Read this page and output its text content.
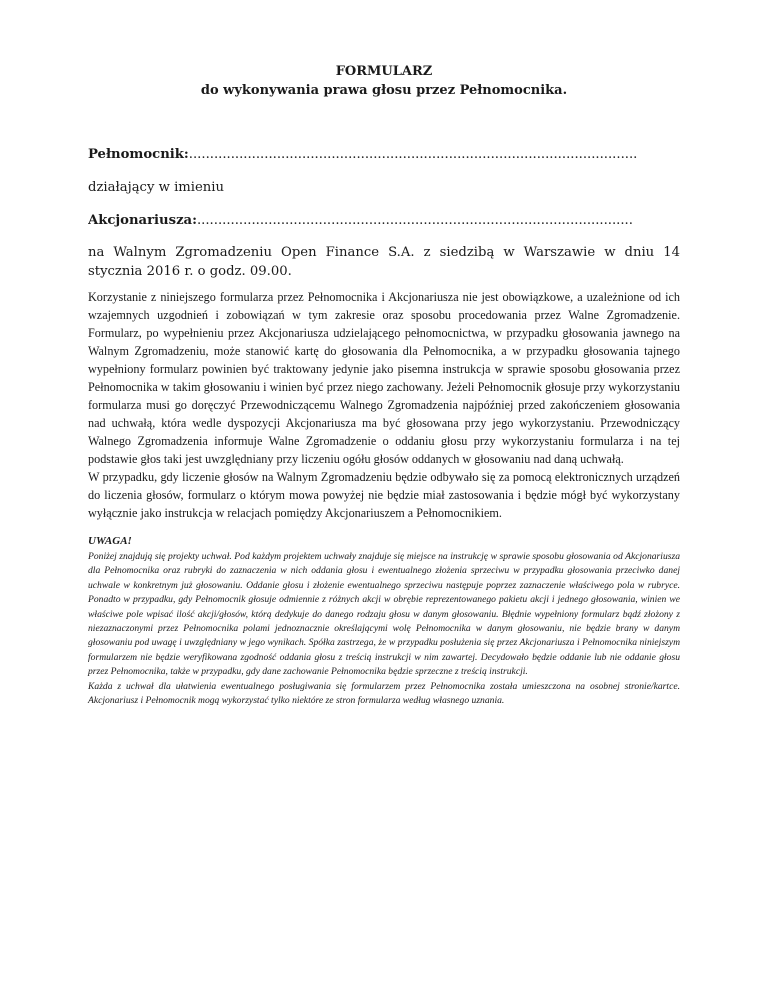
FORMULARZ
do wykonywania prawa głosu przez Pełnomocnika.
Pełnomocnik:...........................................................................................................
działający w imieniu
Akcjonariusza:........................................................................................................
na Walnym Zgromadzeniu Open Finance S.A. z siedzibą w Warszawie w dniu 14 stycznia 2016 r. o godz. 09.00.

Korzystanie z niniejszego formularza przez Pełnomocnika i Akcjonariusza nie jest obowiązkowe, a uzależnione od ich wzajemnych uzgodnień i zobowiązań w tym zakresie oraz sposobu procedowania przez Walne Zgromadzenie. Formularz, po wypełnieniu przez Akcjonariusza udzielającego pełnomocnictwa, w przypadku głosowania jawnego na Walnym Zgromadzeniu, może stanowić kartę do głosowania dla Pełnomocnika, a w przypadku głosowania tajnego wypełniony formularz powinien być traktowany jedynie jako pisemna instrukcja w sprawie sposobu głosowania przez Pełnomocnika w takim głosowaniu i winien być przez niego zachowany. Jeżeli Pełnomocnik głosuje przy wykorzystaniu formularza musi go doręczyć Przewodniczącemu Walnego Zgromadzenia najpóźniej przed zakończeniem głosowania nad uchwałą, która wedle dyspozycji Akcjonariusza ma być głosowana przy jego wykorzystaniu. Przewodniczący Walnego Zgromadzenia informuje Walne Zgromadzenie o oddaniu głosu przy wykorzystaniu formularza i na tej podstawie głos taki jest uwzględniany przy liczeniu ogółu głosów oddanych w głosowaniu nad daną uchwałą.

W przypadku, gdy liczenie głosów na Walnym Zgromadzeniu będzie odbywało się za pomocą elektronicznych urządzeń do liczenia głosów, formularz o którym mowa powyżej nie będzie miał zastosowania i będzie mógł być wykorzystany wyłącznie jako instrukcja w relacjach pomiędzy Akcjonariuszem a Pełnomocnikiem.

UWAGA!

Poniżej znajdują się projekty uchwał. Pod każdym projektem uchwały znajduje się miejsce na instrukcję w sprawie sposobu głosowania od Akcjonariusza dla Pełnomocnika oraz rubryki do zaznaczenia w nich oddania głosu i ewentualnego złożenia sprzeciwu w przypadku głosowania przeciwko danej uchwale w konkretnym już głosowaniu. Oddanie głosu i złożenie ewentualnego sprzeciwu następuje poprzez zaznaczenie właściwego pola w rubryce. Ponadto w przypadku, gdy Pełnomocnik głosuje odmiennie z różnych akcji w obrębie reprezentowanego pakietu akcji i jednego głosowania, winien we właściwe pole wpisać ilość akcji/głosów, którą dedykuje do danego rodzaju głosu w danym głosowaniu. Błędnie wypełniony formularz bądź złożony z niezaznaczonymi przez Pełnomocnika polami jednoznacznie określającymi wolę Pełnomocnika w danym głosowaniu, nie będzie brany w danym głosowaniu pod uwagę i uwzględniany w jego wynikach. Spółka zastrzega, że w przypadku posłużenia się przez Akcjonariusza i Pełnomocnika niniejszym formularzem nie będzie weryfikowana zgodność oddania głosu z treścią instrukcji w nim zawartej. Decydowało będzie oddanie lub nie oddanie głosu przez Pełnomocnika, także w przypadku, gdy dane zachowanie Pełnomocnika będzie sprzeczne z treścią instrukcji.

Każda z uchwał dla ułatwienia ewentualnego posługiwania się formularzem przez Pełnomocnika została umieszczona na osobnej stronie/kartce. Akcjonariusz i Pełnomocnik mogą wykorzystać tylko niektóre ze stron formularza według własnego uznania.
